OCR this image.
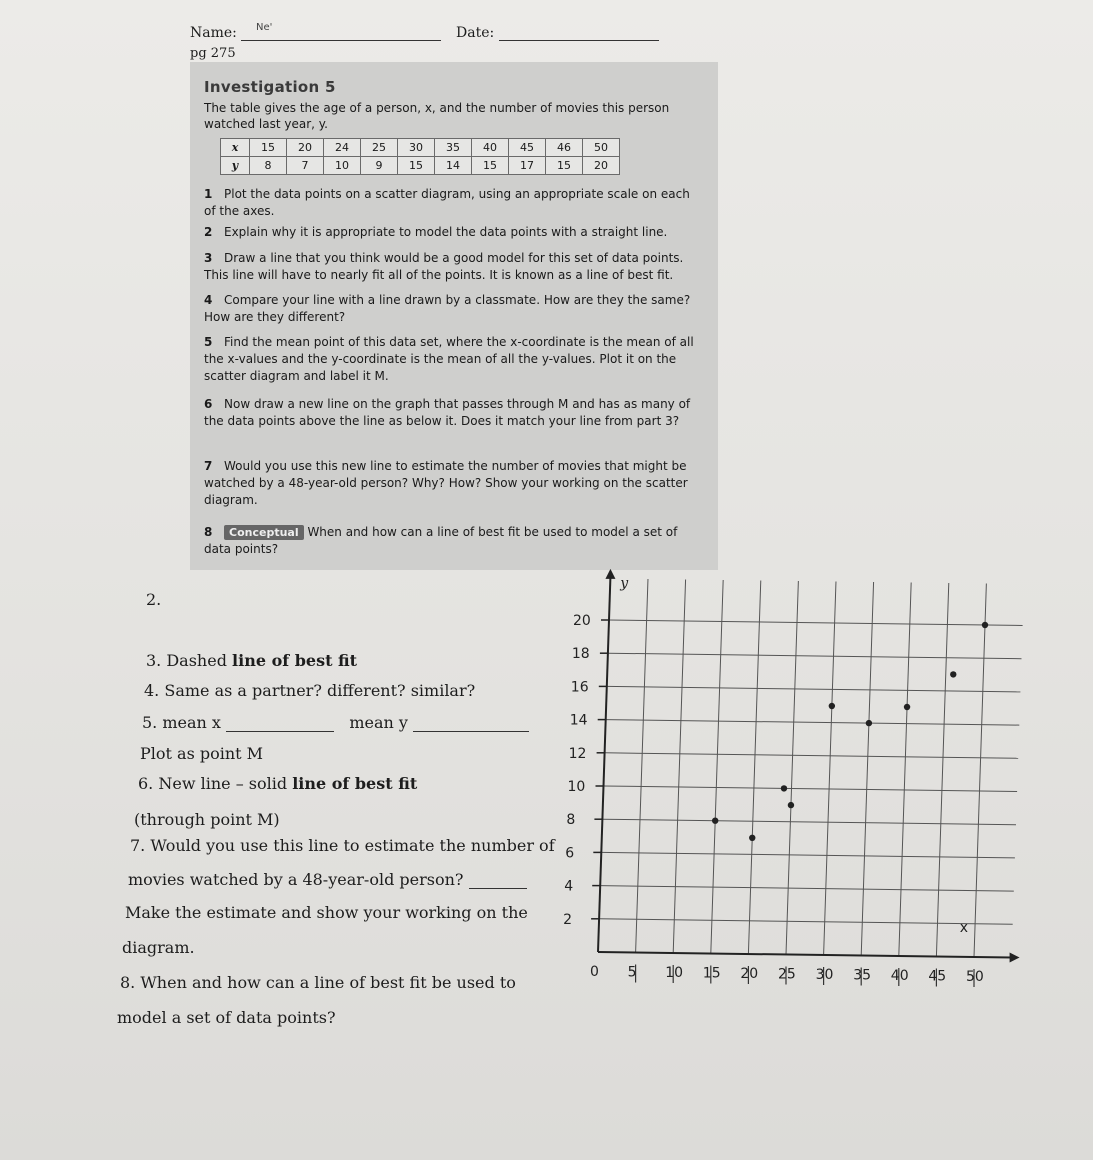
Name:	Ne'	Date:
pg 275
Investigation 5
The table gives the age of a person, x, and the number of movies this person watched last year, y.
x	15	20	24	25	30	35	40	45	46	50
y	8	7	10	9	15	14	15	17	15	20
1 Plot the data points on a scatter diagram, using an appropriate scale on each of the axes.
2 Explain why it is appropriate to model the data points with a straight line.
3 Draw a line that you think would be a good model for this set of data points. This line will have to nearly fit all of the points. It is known as a line of best fit.
4 Compare your line with a line drawn by a classmate. How are they the same? How are they different?
5 Find the mean point of this data set, where the x-coordinate is the mean of all the x-values and the y-coordinate is the mean of all the y-values. Plot it on the scatter diagram and label it M.
6 Now draw a new line on the graph that passes through M and has as many of the data points above the line as below it. Does it match your line from part 3?
7 Would you use this new line to estimate the number of movies that might be watched by a 48-year-old person? Why? How? Show your working on the scatter diagram.
8 Conceptual When and how can a line of best fit be used to model a set of data points?
2.
3. Dashed line of best fit
4. Same as a partner? different? similar?
5. mean x	mean y
Plot as point M
6. New line – solid line of best fit
(through point M)
7. Would you use this line to estimate the number of
movies watched by a 48-year-old person?
Make the estimate and show your working on the
diagram.
8. When and how can a line of best fit be used to
model a set of data points?
y
2
4
6
8
10
12
14
16
18
20
0 5 10 15 20 25 30 35 40 45 50
x
